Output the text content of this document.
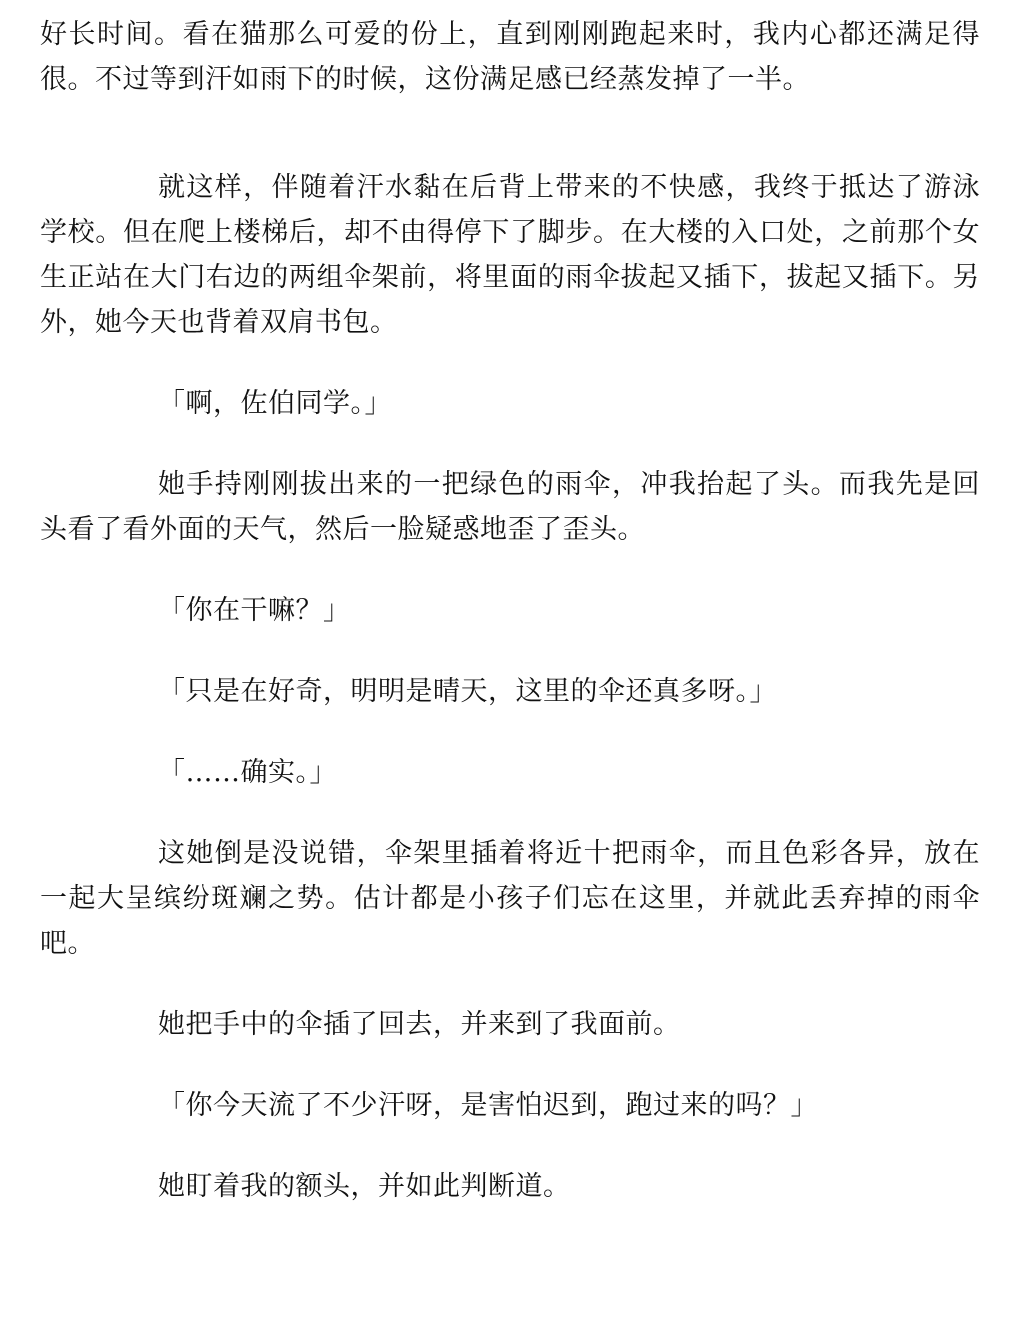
好长时间。看在猫那么可爱的份上，直到刚刚跑起来时，我内心都还满足得很。不过等到汗如雨下的时候，这份满足感已经蒸发掉了一半。

就这样，伴随着汗水黏在后背上带来的不快感，我终于抵达了游泳学校。但在爬上楼梯后，却不由得停下了脚步。在大楼的入口处，之前那个女生正站在大门右边的两组伞架前，将里面的雨伞拔起又插下，拔起又插下。另外，她今天也背着双肩书包。

「啊，佐伯同学。」

她手持刚刚拔出来的一把绿色的雨伞，冲我抬起了头。而我先是回头看了看外面的天气，然后一脸疑惑地歪了歪头。

「你在干嘛？」

「只是在好奇，明明是晴天，这里的伞还真多呀。」

「……确实。」

这她倒是没说错，伞架里插着将近十把雨伞，而且色彩各异，放在一起大呈缤纷斑斓之势。估计都是小孩子们忘在这里，并就此丢弃掉的雨伞吧。

她把手中的伞插了回去，并来到了我面前。

「你今天流了不少汗呀，是害怕迟到，跑过来的吗？」

她盯着我的额头，并如此判断道。
